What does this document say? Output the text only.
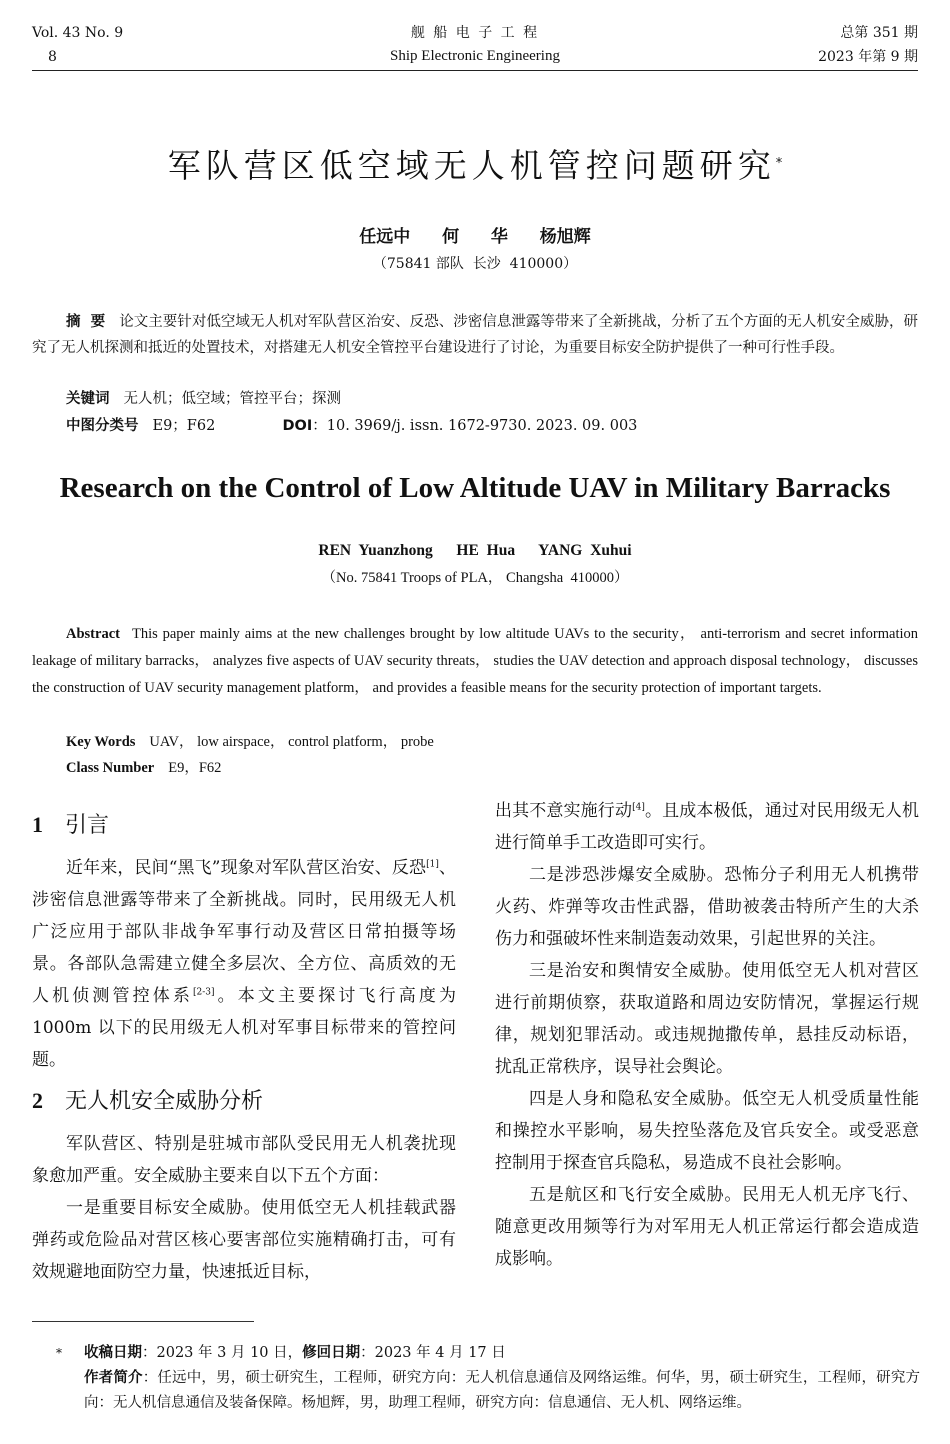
Vol. 43 No. 9
8
舰 船 电 子 工 程
Ship Electronic Engineering
总第 351 期
2023 年第 9 期
军队营区低空域无人机管控问题研究*
任远中  何  华  杨旭辉
（75841 部队  长沙  410000）
摘  要 论文主要针对低空域无人机对军队营区治安、反恐、涉密信息泄露等带来了全新挑战，分析了五个方面的无人机安全威胁，研究了无人机探测和抵近的处置技术，对搭建无人机安全管控平台建设进行了讨论，为重要目标安全防护提供了一种可行性手段。
关键词 无人机；低空域；管控平台；探测
中图分类号 E9；F62	DOI：10. 3969/j. issn. 1672-9730. 2023. 09. 003
Research on the Control of Low Altitude UAV in Military Barracks
REN Yuanzhong   HE Hua   YANG Xuhui
（No. 75841 Troops of PLA， Changsha  410000）
Abstract This paper mainly aims at the new challenges brought by low altitude UAVs to the security， anti-terrorism and secret information leakage of military barracks， analyzes five aspects of UAV security threats， studies the UAV detection and approach disposal technology， discusses the construction of UAV security management platform， and provides a feasible means for the security protection of important targets.
Key Words UAV， low airspace， control platform， probe
Class Number E9，F62
1 引言

近年来，民间“黑飞”现象对军队营区治安、反恐[1]、涉密信息泄露等带来了全新挑战。同时，民用级无人机广泛应用于部队非战争军事行动及营区日常拍摄等场景。各部队急需建立健全多层次、全方位、高质效的无人机侦测管控体系[2-3]。本文主要探讨飞行高度为 1000m 以下的民用级无人机对军事目标带来的管控问题。

2 无人机安全威胁分析

军队营区、特别是驻城市部队受民用无人机袭扰现象愈加严重。安全威胁主要来自以下五个方面：

一是重要目标安全威胁。使用低空无人机挂载武器弹药或危险品对营区核心要害部位实施精确打击，可有效规避地面防空力量，快速抵近目标，

出其不意实施行动[4]。且成本极低，通过对民用级无人机进行简单手工改造即可实行。

二是涉恐涉爆安全威胁。恐怖分子利用无人机携带火药、炸弹等攻击性武器，借助被袭击特所产生的大杀伤力和强破坏性来制造轰动效果，引起世界的关注。

三是治安和舆情安全威胁。使用低空无人机对营区进行前期侦察，获取道路和周边安防情况，掌握运行规律，规划犯罪活动。或违规抛撒传单，悬挂反动标语，扰乱正常秩序，误导社会舆论。

四是人身和隐私安全威胁。低空无人机受质量性能和操控水平影响，易失控坠落危及官兵安全。或受恶意控制用于探查官兵隐私，易造成不良社会影响。

五是航区和飞行安全威胁。民用无人机无序飞行、随意更改用频等行为对军用无人机正常运行都会造成造成影响。

* 收稿日期：2023 年 3 月 10 日，修回日期：2023 年 4 月 17 日
作者简介：任远中，男，硕士研究生，工程师，研究方向：无人机信息通信及网络运维。何华，男，硕士研究生，工程师，研究方向：无人机信息通信及装备保障。杨旭辉，男，助理工程师，研究方向：信息通信、无人机、网络运维。
